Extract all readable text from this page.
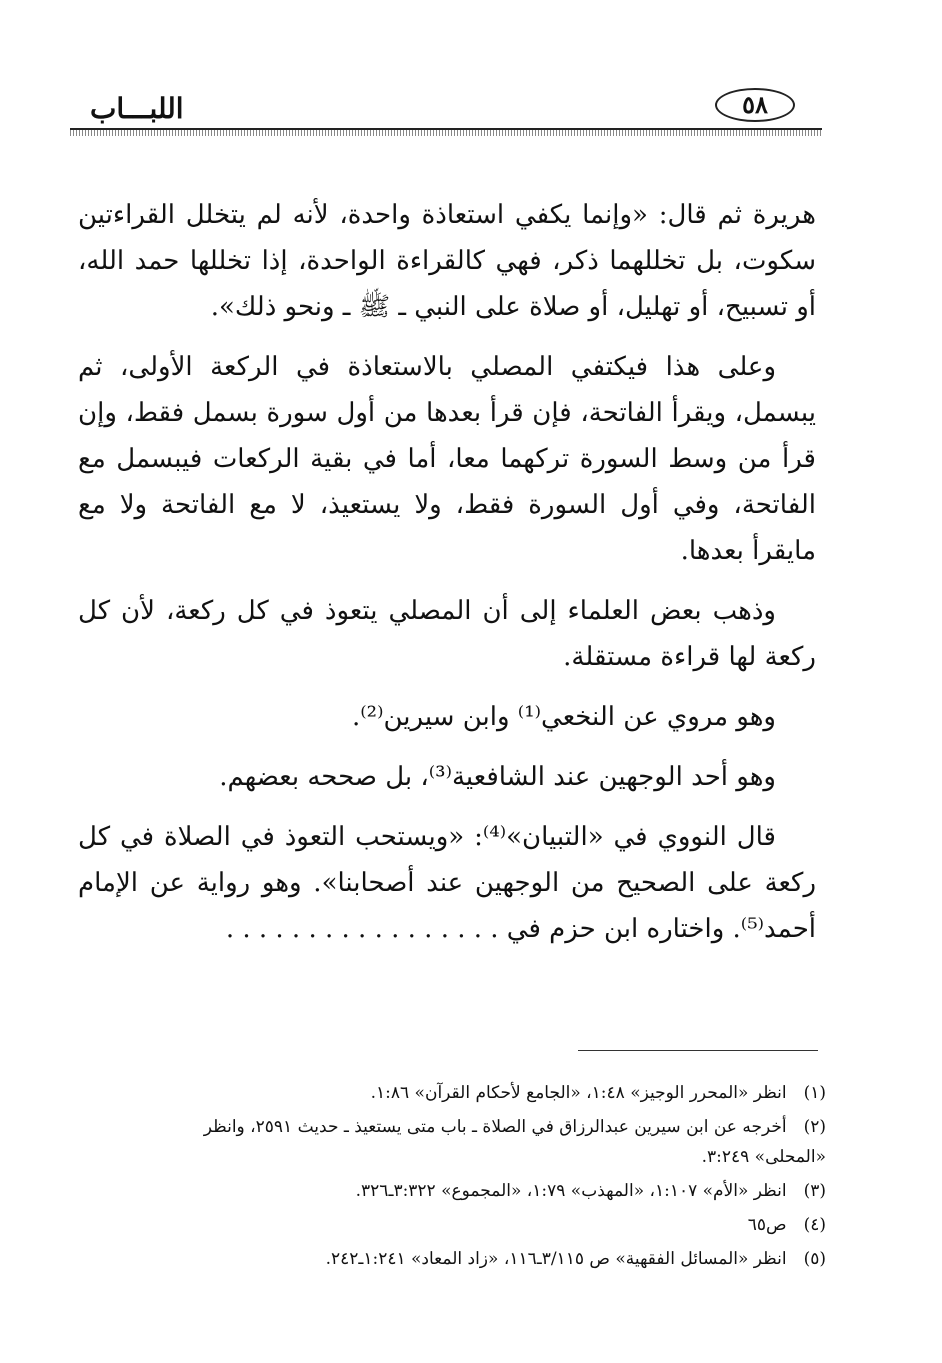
اللبـــاب	٥٨

هريرة ثم قال: «وإنما يكفي استعاذة واحدة، لأنه لم يتخلل القراءتين سكوت، بل تخللهما ذكر، فهي كالقراءة الواحدة، إذا تخللها حمد الله، أو تسبيح، أو تهليل، أو صلاة على النبي ـ ﷺ ـ ونحو ذلك».

وعلى هذا فيكتفي المصلي بالاستعاذة في الركعة الأولى، ثم يبسمل، ويقرأ الفاتحة، فإن قرأ بعدها من أول سورة بسمل فقط، وإن قرأ من وسط السورة تركهما معا، أما في بقية الركعات فيبسمل مع الفاتحة، وفي أول السورة فقط، ولا يستعيذ، لا مع الفاتحة ولا مع مايقرأ بعدها.

وذهب بعض العلماء إلى أن المصلي يتعوذ في كل ركعة، لأن كل ركعة لها قراءة مستقلة.

وهو مروي عن النخعي⁽¹⁾ وابن سيرين⁽²⁾.

وهو أحد الوجهين عند الشافعية⁽³⁾، بل صححه بعضهم.

قال النووي في «التبيان»⁽⁴⁾: «ويستحب التعوذ في الصلاة في كل ركعة على الصحيح من الوجهين عند أصحابنا». وهو رواية عن الإمام أحمد⁽⁵⁾. واختاره ابن حزم في . . . . . . . . . . . . . . . . .

(١) انظر «المحرر الوجيز» ١:٤٨، «الجامع لأحكام القرآن» ١:٨٦.
(٢) أخرجه عن ابن سيرين عبدالرزاق في الصلاة ـ باب متى يستعيذ ـ حديث ٢٥٩١، وانظر «المحلى» ٣:٢٤٩.
(٣) انظر «الأم» ١:١٠٧، «المهذب» ١:٧٩، «المجموع» ٣:٣٢٢ـ٣٢٦.
(٤) ص٦٥
(٥) انظر «المسائل الفقهية» ص ٣/١١٥ـ١١٦، «زاد المعاد» ١:٢٤١ـ٢٤٢.
